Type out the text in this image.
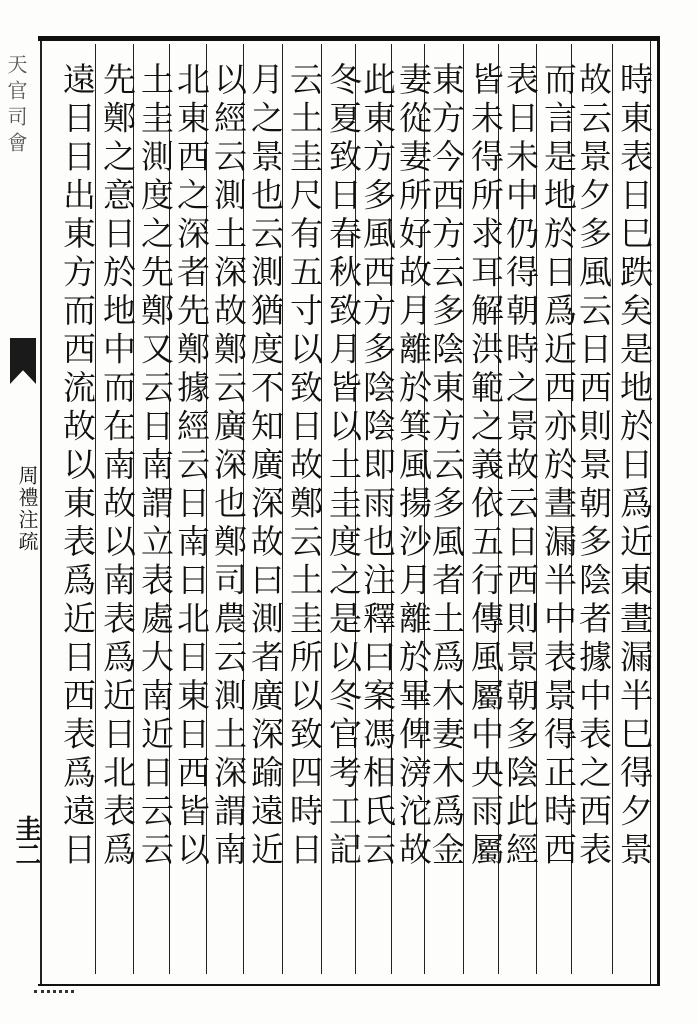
天官司會
周禮注疏
圭二	時東表日巳跌矣是地於日爲近東晝漏半巳得夕景
故云景夕多風云日西則景朝多陰者據中表之西表
而言是地於日爲近西亦於晝漏半中表景得正時西
表日未中仍得朝時之景故云日西則景朝多陰此經
皆未得所求耳解洪範之義依五行傳風屬中央雨屬
東方今西方云多陰東方云多風者土爲木妻木爲金
妻從妻所好故月離於箕風揚沙月離於畢俾滂沱故
此東方多風西方多陰陰即雨也注釋曰案馮相氏云
冬夏致日春秋致月皆以土圭度之是以冬官考工記
云土圭尺有五寸以致日故鄭云土圭所以致四時日
月之景也云測猶度不知廣深故曰測者廣深踰遠近
以經云測土深故鄭云廣深也鄭司農云測土深謂南
北東西之深者先鄭據經云日南日北日東日西皆以
土圭測度之先鄭又云日南謂立表處大南近日云云
先鄭之意日於地中而在南故以南表爲近日北表爲
遠日日出東方而西流故以東表爲近日西表爲遠日
